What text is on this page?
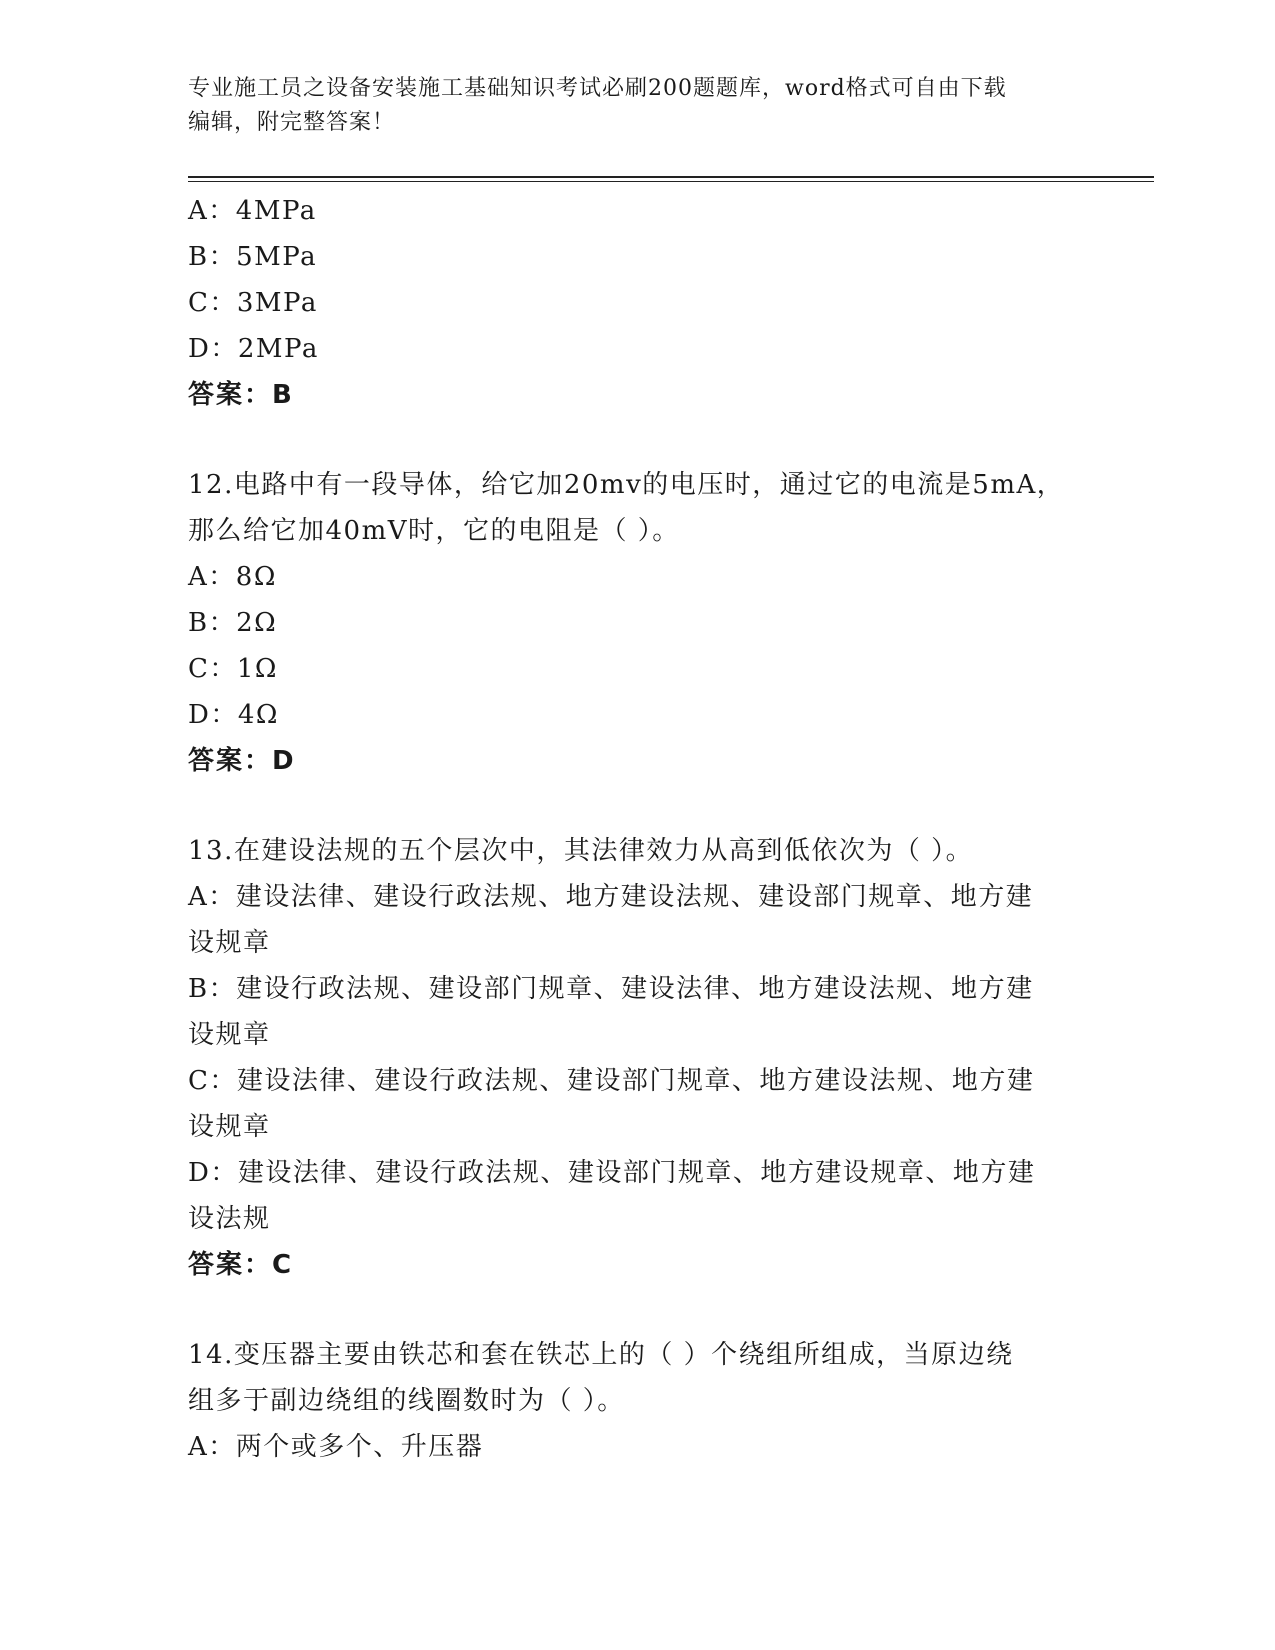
专业施工员之设备安装施工基础知识考试必刷200题题库，word格式可自由下载
编辑，附完整答案！
A：4MPa
B：5MPa
C：3MPa
D：2MPa
答案：B
12.电路中有一段导体，给它加20mv的电压时，通过它的电流是5mA，
那么给它加40mV时，它的电阻是（ ）。
A：8Ω
B：2Ω
C：1Ω
D：4Ω
答案：D
13.在建设法规的五个层次中，其法律效力从高到低依次为（ ）。
A：建设法律、建设行政法规、地方建设法规、建设部门规章、地方建
设规章
B：建设行政法规、建设部门规章、建设法律、地方建设法规、地方建
设规章
C：建设法律、建设行政法规、建设部门规章、地方建设法规、地方建
设规章
D：建设法律、建设行政法规、建设部门规章、地方建设规章、地方建
设法规
答案：C
14.变压器主要由铁芯和套在铁芯上的（ ）个绕组所组成，当原边绕
组多于副边绕组的线圈数时为（ ）。
A：两个或多个、升压器
